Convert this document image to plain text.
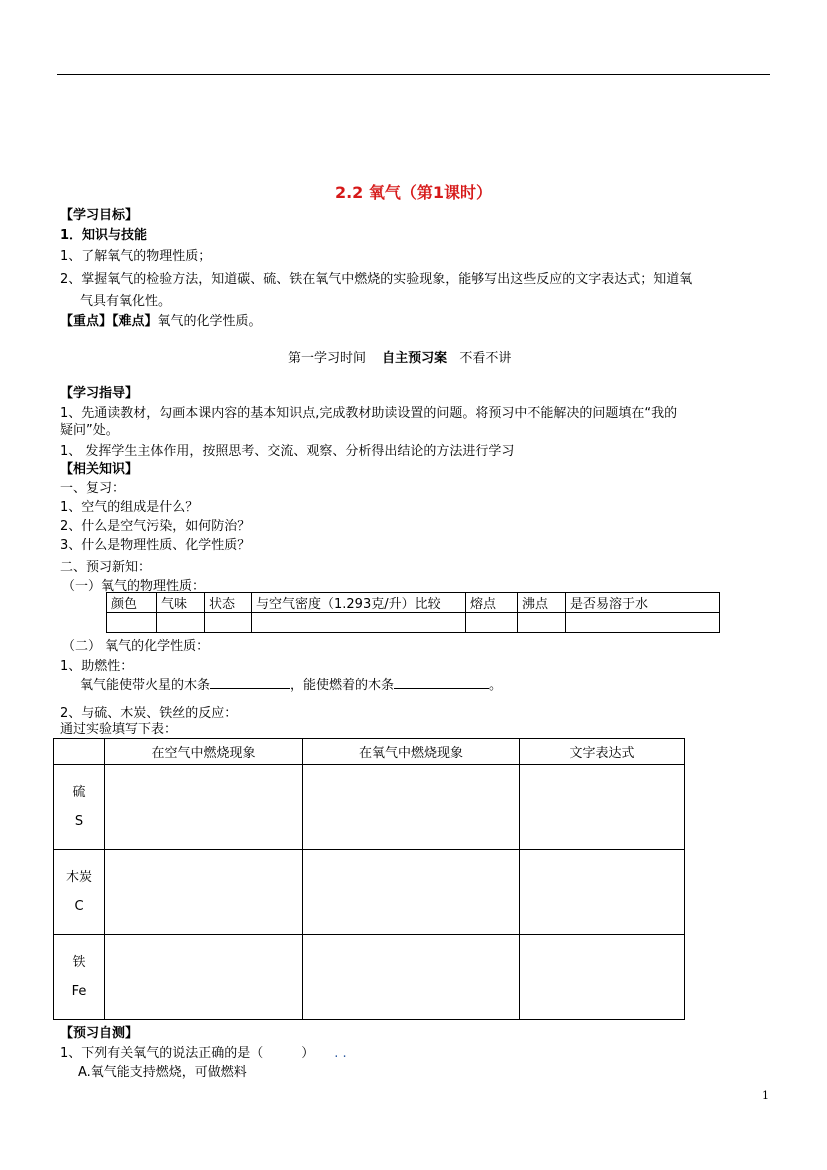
2.2 氧气（第1课时）
【学习目标】
1．知识与技能
1、了解氧气的物理性质；
2、掌握氧气的检验方法，知道碳、硫、铁在氧气中燃烧的实验现象，能够写出这些反应的文字表达式；知道氧
气具有氧化性。
【重点】【难点】氧气的化学性质。
第一学习时间 自主预习案 不看不讲
【学习指导】
1、先通读教材，勾画本课内容的基本知识点,完成教材助读设置的问题。将预习中不能解决的问题填在“我的
疑问”处。
1、 发挥学生主体作用，按照思考、交流、观察、分析得出结论的方法进行学习
【相关知识】
一、复习：
1、空气的组成是什么？
2、什么是空气污染，如何防治？
3、什么是物理性质、化学性质？
二、预习新知：
（一）氧气的物理性质：
颜色	气味	状态	与空气密度（1.293克/升）比较	熔点	沸点	是否易溶于水

（二） 氧气的化学性质：
1、助燃性：
氧气能使带火星的木条	，能使燃着的木条	。
2、与硫、木炭、铁丝的反应：
通过实验填写下表：
	在空气中燃烧现象	在氧气中燃烧现象	文字表达式

硫
S			

木炭
C			

铁
Fe			

【预习自测】
1、下列有关氧气的说法正确的是（	） . .
A.氧气能支持燃烧，可做燃料
1
